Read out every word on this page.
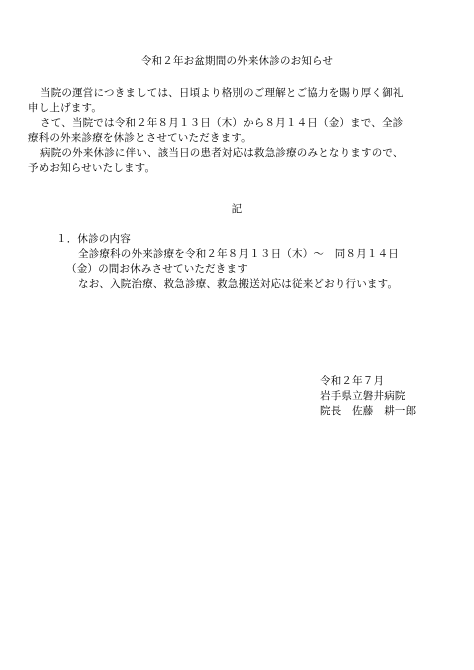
令和２年お盆期間の外来休診のお知らせ
当院の運営につきましては、日頃より格別のご理解とご協力を賜り厚く御礼
申し上げます。
さて、当院では令和２年８月１３日（木）から８月１４日（金）まで、全診
療科の外来診療を休診とさせていただきます。
病院の外来休診に伴い、該当日の患者対応は救急診療のみとなりますので、
予めお知らせいたします。
記
１．休診の内容
全診療科の外来診療を令和２年８月１３日（木）～　同８月１４日
（金）の間お休みさせていただきます
なお、入院治療、救急診療、救急搬送対応は従来どおり行います。
令和２年７月
岩手県立磐井病院
院長　佐藤　耕一郎
